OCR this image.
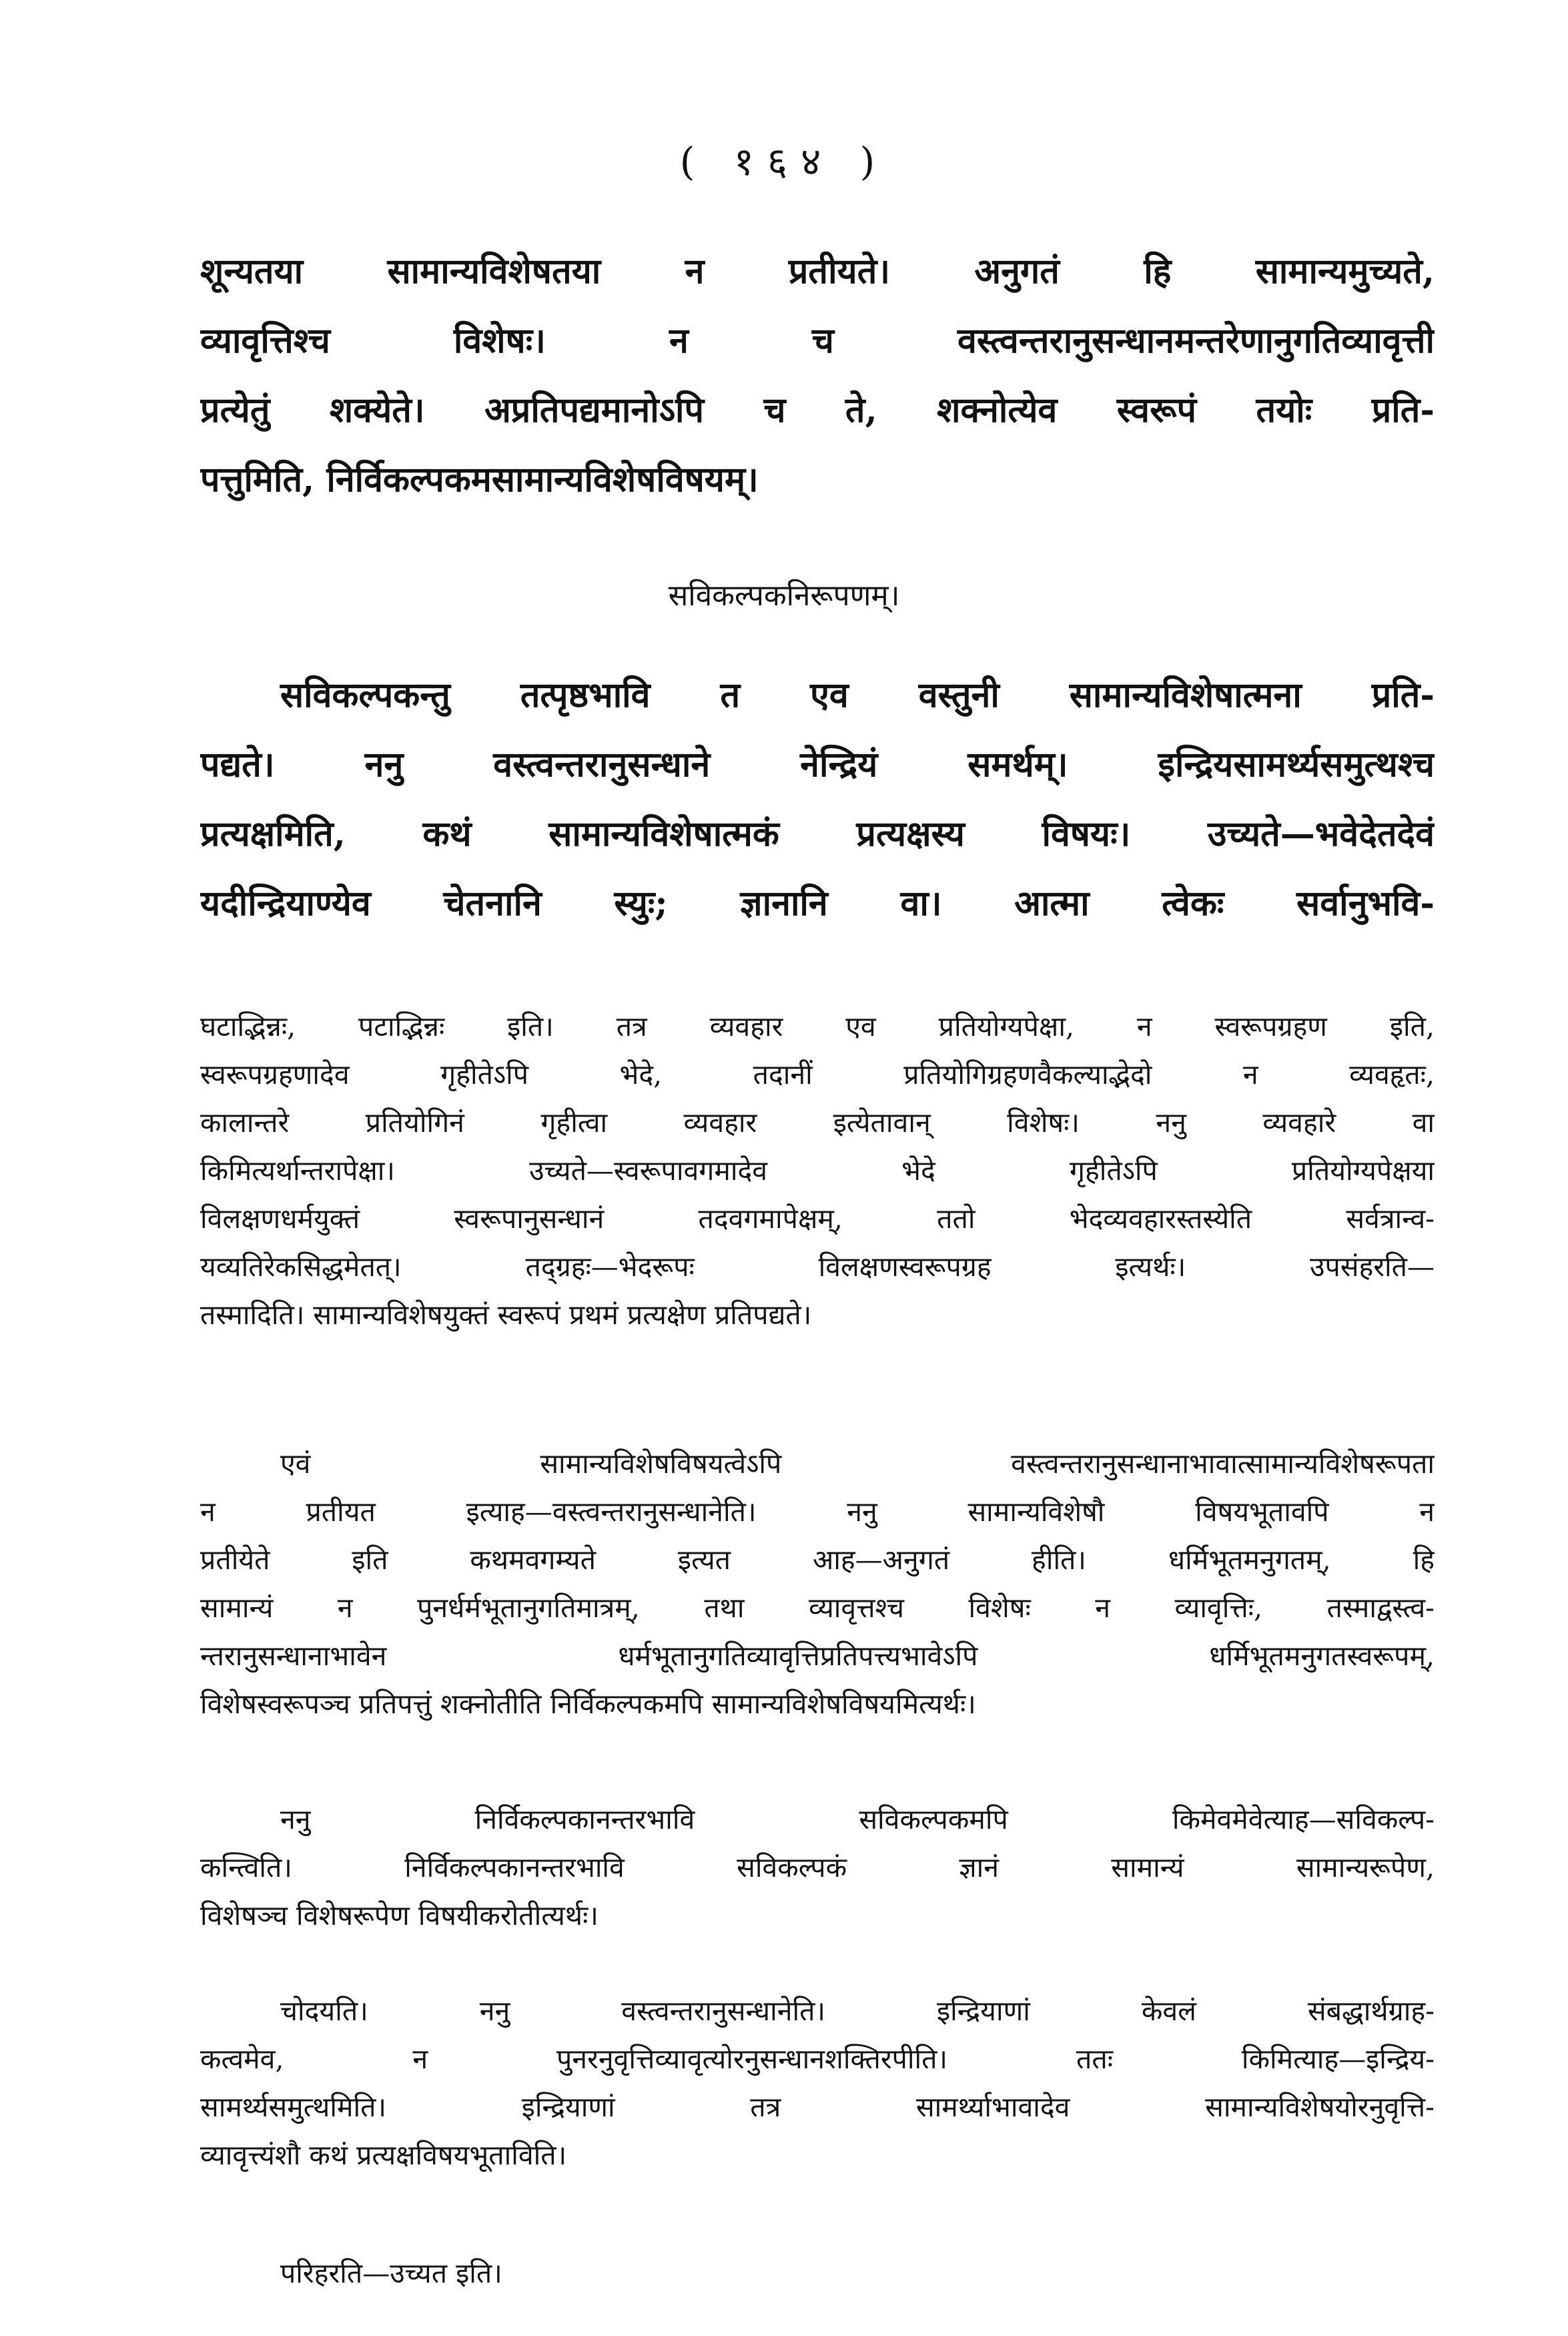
( १६४ )
शून्यतया सामान्यविशेषतया न प्रतीयते। अनुगतं हि सामान्यमुच्यते,
व्यावृत्तिश्च विशेषः। न च वस्त्वन्तरानुसन्धानमन्तरेणानुगतिव्यावृत्ती
प्रत्येतुं शक्येते। अप्रतिपद्यमानोऽपि च ते, शक्नोत्येव स्वरूपं तयोः प्रति-
पत्तुमिति, निर्विकल्पकमसामान्यविशेषविषयम्।
सविकल्पकनिरूपणम्।
सविकल्पकन्तु तत्पृष्ठभावि त एव वस्तुनी सामान्यविशेषात्मना प्रति-
पद्यते। ननु वस्त्वन्तरानुसन्धाने नेन्द्रियं समर्थम्। इन्द्रियसामर्थ्यसमुत्थश्च
प्रत्यक्षमिति, कथं सामान्यविशेषात्मकं प्रत्यक्षस्य विषयः। उच्यते—भवेदेतदेवं
यदीन्द्रियाण्येव चेतनानि स्युः; ज्ञानानि वा। आत्मा त्वेकः सर्वानुभवि-
घटाद्भिन्नः, पटाद्भिन्नः इति। तत्र व्यवहार एव प्रतियोग्यपेक्षा, न स्वरूपग्रहण इति,
स्वरूपग्रहणादेव गृहीतेऽपि भेदे, तदानीं प्रतियोगिग्रहणवैकल्याद्भेदो न व्यवहृतः,
कालान्तरे प्रतियोगिनं गृहीत्वा व्यवहार इत्येतावान् विशेषः। ननु व्यवहारे वा
किमित्यर्थान्तरापेक्षा। उच्यते—स्वरूपावगमादेव भेदे गृहीतेऽपि प्रतियोग्यपेक्षया
विलक्षणधर्मयुक्तं स्वरूपानुसन्धानं तदवगमापेक्षम्, ततो भेदव्यवहारस्तस्येति सर्वत्रान्व-
यव्यतिरेकसिद्धमेतत्। तद्ग्रहः—भेदरूपः विलक्षणस्वरूपग्रह इत्यर्थः। उपसंहरति—
तस्मादिति। सामान्यविशेषयुक्तं स्वरूपं प्रथमं प्रत्यक्षेण प्रतिपद्यते।
एवं सामान्यविशेषविषयत्वेऽपि वस्त्वन्तरानुसन्धानाभावात्सामान्यविशेषरूपता
न प्रतीयत इत्याह—वस्त्वन्तरानुसन्धानेति। ननु सामान्यविशेषौ विषयभूतावपि न
प्रतीयेते इति कथमवगम्यते इत्यत आह—अनुगतं हीति। धर्मिभूतमनुगतम्, हि
सामान्यं न पुनर्धर्मभूतानुगतिमात्रम्, तथा व्यावृत्तश्च विशेषः न व्यावृत्तिः, तस्माद्वस्त्व-
न्तरानुसन्धानाभावेन धर्मभूतानुगतिव्यावृत्तिप्रतिपत्त्यभावेऽपि धर्मिभूतमनुगतस्वरूपम्,
विशेषस्वरूपञ्च प्रतिपत्तुं शक्नोतीति निर्विकल्पकमपि सामान्यविशेषविषयमित्यर्थः।
ननु निर्विकल्पकानन्तरभावि सविकल्पकमपि किमेवमेवेत्याह—सविकल्प-
कन्त्विति। निर्विकल्पकानन्तरभावि सविकल्पकं ज्ञानं सामान्यं सामान्यरूपेण,
विशेषञ्च विशेषरूपेण विषयीकरोतीत्यर्थः।
चोदयति। ननु वस्त्वन्तरानुसन्धानेति। इन्द्रियाणां केवलं संबद्धार्थग्राह-
कत्वमेव, न पुनरनुवृत्तिव्यावृत्योरनुसन्धानशक्तिरपीति। ततः किमित्याह—इन्द्रिय-
सामर्थ्यसमुत्थमिति। इन्द्रियाणां तत्र सामर्थ्याभावादेव सामान्यविशेषयोरनुवृत्ति-
व्यावृत्त्यंशौ कथं प्रत्यक्षविषयभूताविति।
परिहरति—उच्यत इति।
